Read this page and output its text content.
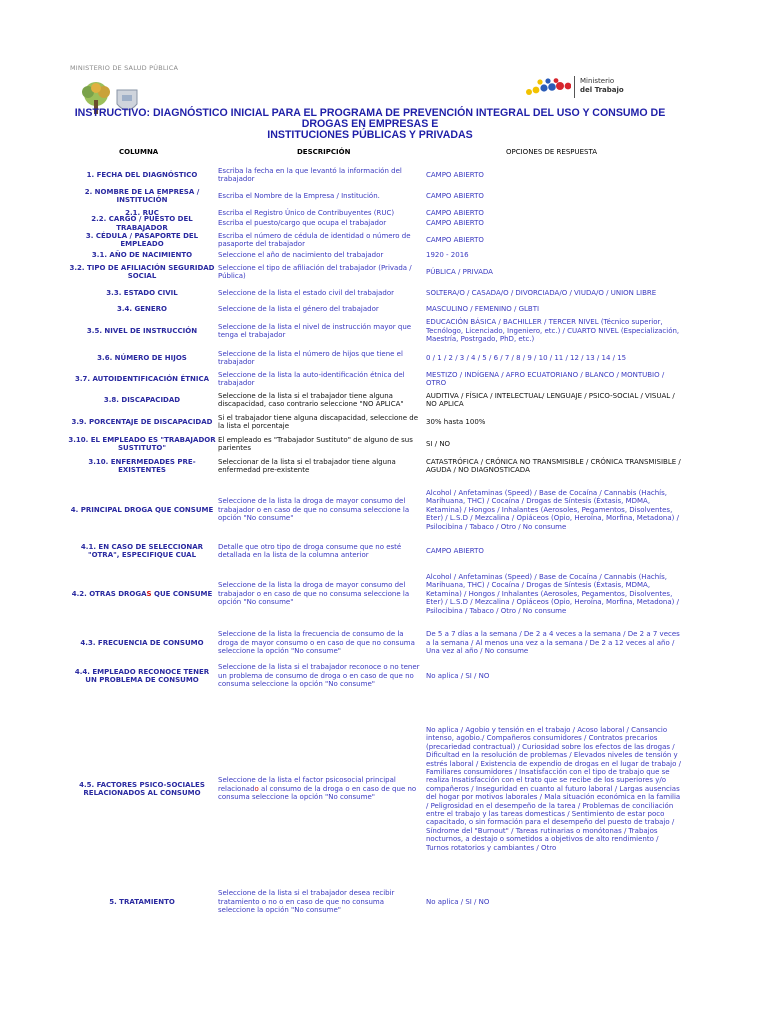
MINISTERIO DE SALUD PÚBLICA
Ministerio
del Trabajo
INSTRUCTIVO: DIAGNÓSTICO INICIAL PARA EL PROGRAMA DE PREVENCIÓN INTEGRAL DEL USO Y CONSUMO DE DROGAS EN EMPRESAS E
INSTITUCIONES PÚBLICAS Y PRIVADAS
COLUMNA	DESCRIPCIÓN	OPCIONES DE RESPUESTA
1. FECHA DEL DIAGNÓSTICO
Escriba la fecha en la que levantó la información del trabajador
CAMPO ABIERTO
2. NOMBRE DE LA EMPRESA / INSTITUCIÓN
Escriba el Nombre de la Empresa / Institución.	CAMPO ABIERTO
2.1. RUC	Escriba el Registro Único de Contribuyentes (RUC)	CAMPO ABIERTO
2.2. CARGO / PUESTO DEL TRABAJADOR
Escriba el puesto/cargo que ocupa el trabajador	CAMPO ABIERTO
3. CÉDULA / PASAPORTE DEL EMPLEADO
Escriba el número de cédula de identidad o número de pasaporte del trabajador
CAMPO ABIERTO
3.1. AÑO DE NACIMIENTO	Seleccione el año de nacimiento del trabajador	1920 - 2016
3.2. TIPO DE AFILIACIÓN SEGURIDAD SOCIAL
Seleccione el tipo de afiliación del trabajador (Privada / Pública)
PÚBLICA / PRIVADA
3.3. ESTADO CIVIL	Seleccione de la lista el estado civil del trabajador	SOLTERA/O / CASADA/O / DIVORCIADA/O / VIUDA/O / UNION LIBRE
3.4. GENERO	Seleccione de la lista el género del trabajador	MASCULINO / FEMENINO / GLBTI
3.5. NIVEL DE INSTRUCCIÓN
Seleccione de la lista el nivel de instrucción mayor que tenga el trabajador
EDUCACIÓN BÁSICA / BACHILLER / TERCER NIVEL (Técnico superior, Tecnólogo, Licenciado, Ingeniero, etc.) / CUARTO NIVEL (Especialización, Maestría, Postrgado, PhD, etc.)
3.6. NÚMERO DE HIJOS
Seleccione de la lista el número de hijos que tiene el trabajador
0 / 1 / 2 / 3 / 4 / 5 / 6 / 7 / 8 / 9 / 10 / 11 / 12 / 13 / 14 / 15
3.7. AUTOIDENTIFICACIÓN ÉTNICA
Seleccione de la lista la auto-identificación étnica del trabajador
MESTIZO / INDÍGENA / AFRO ECUATORIANO / BLANCO / MONTUBIO / OTRO
3.8. DISCAPACIDAD
Seleccione de la lista si el trabajador tiene alguna discapacidad, caso contrario seleccione "NO APLICA"
AUDITIVA / FÍSICA / INTELECTUAL/ LENGUAJE / PSICO-SOCIAL / VISUAL / NO APLICA
3.9. PORCENTAJE DE DISCAPACIDAD
Si el trabajador tiene alguna discapacidad, seleccione de la lista el porcentaje
30% hasta 100%
3.10. EL EMPLEADO ES "TRABAJADOR SUSTITUTO"
El empleado es "Trabajador Sustituto" de alguno de sus parientes
SI / NO
3.10. ENFERMEDADES PRE-EXISTENTES
Seleccionar de la lista si el trabajador tiene alguna enfermedad pre-existente
CATASTRÓFICA / CRÓNICA NO TRANSMISIBLE / CRÓNICA TRANSMISIBLE / AGUDA / NO DIAGNOSTICADA
4. PRINCIPAL DROGA QUE CONSUME
Seleccione de la lista la droga de mayor consumo del trabajador o en caso de que no consuma seleccione la opción "No consume"
Alcohol / Anfetaminas (Speed) / Base de Cocaína / Cannabis (Hachís, Marihuana, THC) / Cocaína / Drogas de Síntesis (Éxtasis, MDMA, Ketamina) / Hongos / Inhalantes (Aerosoles, Pegamentos, Disolventes, Eter) / L.S.D / Mezcalina / Opiáceos (Opio, Heroína, Morfina, Metadona) / Psilocibina / Tabaco / Otro / No consume
4.1. EN CASO DE SELECCIONAR "OTRA", ESPECIFIQUE CUAL
Detalle que otro tipo de droga consume que no esté detallada en la lista de la columna anterior
CAMPO ABIERTO
4.2. OTRAS DROGAS QUE CONSUME
Seleccione de la lista la droga de mayor consumo del trabajador o en caso de que no consuma seleccione la opción "No consume"
Alcohol / Anfetaminas (Speed) / Base de Cocaína / Cannabis (Hachís, Marihuana, THC) / Cocaína / Drogas de Síntesis (Éxtasis, MDMA, Ketamina) / Hongos / Inhalantes (Aerosoles, Pegamentos, Disolventes, Eter) / L.S.D / Mezcalina / Opiáceos (Opio, Heroína, Morfina, Metadona) / Psilocibina / Tabaco / Otro / No consume
4.3. FRECUENCIA DE CONSUMO
Seleccione de la lista la frecuencia de consumo de la droga de mayor consumo o en caso de que no consuma seleccione la opción "No consume"
De 5 a 7 días a la semana / De 2 a 4 veces a la semana / De 2 a 7 veces a la semana / Al menos una vez a la semana / De 2 a 12 veces al año / Una vez al año / No consume
4.4. EMPLEADO RECONOCE TENER UN PROBLEMA DE CONSUMO
Seleccione de la lista si el trabajador reconoce o no tener un problema de consumo de droga o en caso de que no consuma seleccione la opción "No consume"
No aplica / SI / NO
4.5. FACTORES PSICO-SOCIALES RELACIONADOS AL CONSUMO
Seleccione de la lista el factor psicosocial principal relacionado al consumo de la droga o en caso de que no consuma seleccione la opción "No consume"
No aplica / Agobio y tensión en el trabajo / Acoso laboral / Cansancio intenso, agobio./ Compañeros consumidores / Contratos precarios (precariedad contractual) / Curiosidad sobre los efectos de las drogas / Dificultad en la resolución de problemas / Elevados niveles de tensión y estrés laboral / Existencia de expendio de drogas en el lugar de trabajo / Familiares consumidores / Insatisfacción con el tipo de trabajo que se realiza Insatisfacción con el trato que se recibe de los superiores y/o compañeros / Inseguridad en cuanto al futuro laboral / Largas ausencias del hogar por motivos laborales / Mala situación económica en la familia / Peligrosidad en el desempeño de la tarea / Problemas de conciliación entre el trabajo y las tareas domesticas / Sentimiento de estar poco capacitado, o sin formación para el desempeño del puesto de trabajo / Síndrome del "Burnout" / Tareas rutinarias o monótonas / Trabajos nocturnos, a destajo o sometidos a objetivos de alto rendimiento / Turnos rotatorios y cambiantes / Otro
5. TRATAMIENTO
Seleccione de la lista si el trabajador desea recibir tratamiento o no o en caso de que no consuma seleccione la opción "No consume"
No aplica / SI / NO
